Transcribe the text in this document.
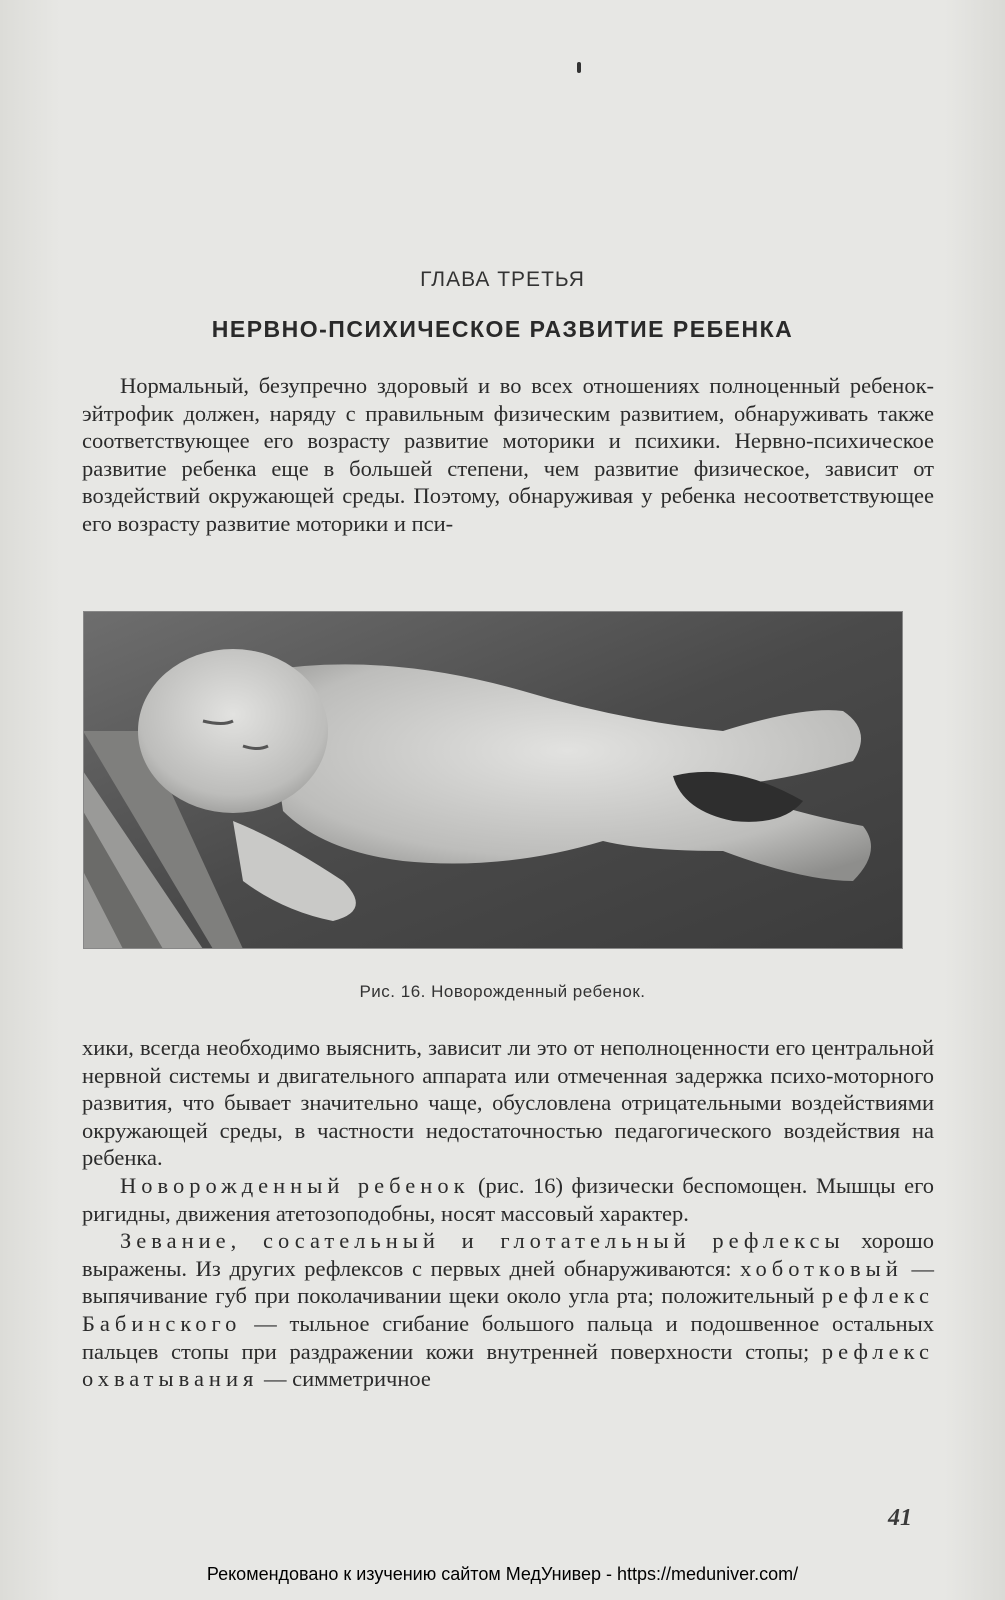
ГЛАВА ТРЕТЬЯ
НЕРВНО-ПСИХИЧЕСКОЕ РАЗВИТИЕ РЕБЕНКА

Нормальный, безупречно здоровый и во всех отношениях полноценный ребенок-эйтрофик должен, наряду с правильным физическим развитием, обнаруживать также соответствующее его возрасту развитие моторики и психики. Нервно-психическое развитие ребенка еще в большей степени, чем развитие физическое, зависит от воздействий окружающей среды. Поэтому, обнаруживая у ребенка несоответствующее его возрасту развитие моторики и пси-

Рис. 16. Новорожденный ребенок.

хики, всегда необходимо выяснить, зависит ли это от неполноценности его центральной нервной системы и двигательного аппарата или отмеченная задержка психо-моторного развития, что бывает значительно чаще, обусловлена отрицательными воздействиями окружающей среды, в частности недостаточностью педагогического воздействия на ребенка.

Новорожденный ребенок (рис. 16) физически беспомощен. Мышцы его ригидны, движения атетозоподобны, носят массовый характер.

Зевание, сосательный и глотательный рефлексы хорошо выражены. Из других рефлексов с первых дней обнаруживаются: хоботковый — выпячивание губ при поколачивании щеки около угла рта; положительный рефлекс Бабинского — тыльное сгибание большого пальца и подошвенное остальных пальцев стопы при раздражении кожи внутренней поверхности стопы; рефлекс охватывания — симметричное

41
Рекомендовано к изучению сайтом МедУнивер - https://meduniver.com/
